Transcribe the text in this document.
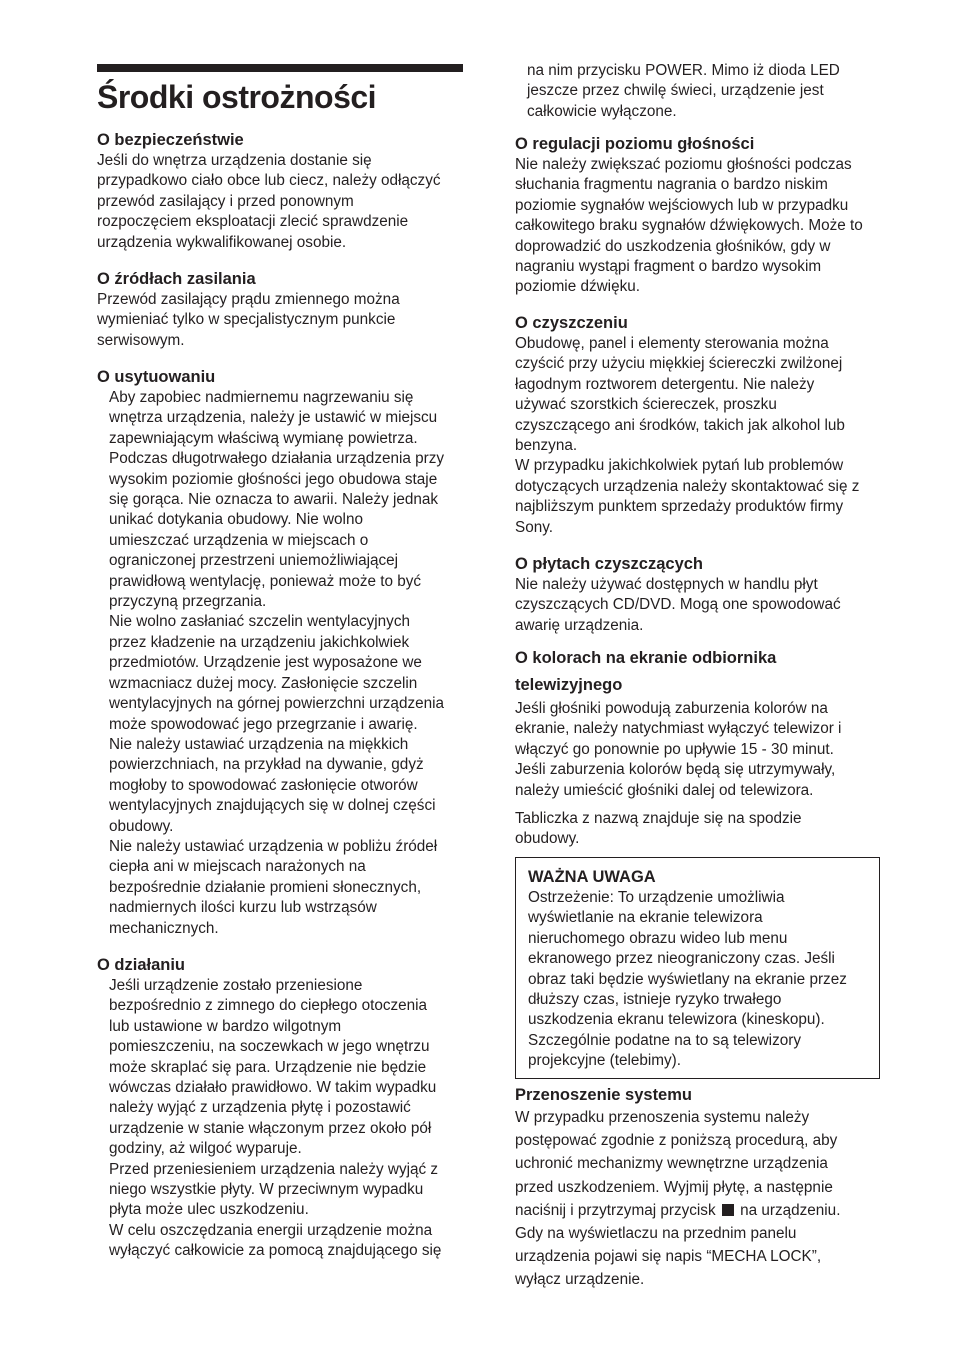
Środki ostrożności
O bezpieczeństwie

Jeśli do wnętrza urządzenia dostanie się

przypadkowo ciało obce lub ciecz, należy odłączyć

przewód zasilający i przed ponownym

rozpoczęciem eksploatacji zlecić sprawdzenie

urządzenia wykwalifikowanej osobie.

O źródłach zasilania

Przewód zasilający prądu zmiennego można

wymieniać tylko w specjalistycznym punkcie

serwisowym.

O usytuowaniu

Aby zapobiec nadmiernemu nagrzewaniu się

wnętrza urządzenia, należy je ustawić w miejscu

zapewniającym właściwą wymianę powietrza.

Podczas długotrwałego działania urządzenia przy

wysokim poziomie głośności jego obudowa staje

się gorąca. Nie oznacza to awarii. Należy jednak

unikać dotykania obudowy. Nie wolno

umieszczać urządzenia w miejscach o

ograniczonej przestrzeni uniemożliwiającej

prawidłową wentylację, ponieważ może to być

przyczyną przegrzania.

Nie wolno zasłaniać szczelin wentylacyjnych

przez kładzenie na urządzeniu jakichkolwiek

przedmiotów. Urządzenie jest wyposażone we

wzmacniacz dużej mocy. Zasłonięcie szczelin

wentylacyjnych na górnej powierzchni urządzenia

może spowodować jego przegrzanie i awarię.

Nie należy ustawiać urządzenia na miękkich

powierzchniach, na przykład na dywanie, gdyż

mogłoby to spowodować zasłonięcie otworów

wentylacyjnych znajdujących się w dolnej części

obudowy.

Nie należy ustawiać urządzenia w pobliżu źródeł

ciepła ani w miejscach narażonych na

bezpośrednie działanie promieni słonecznych,

nadmiernych ilości kurzu lub wstrząsów

mechanicznych.

O działaniu

Jeśli urządzenie zostało przeniesione

bezpośrednio z zimnego do ciepłego otoczenia

lub ustawione w bardzo wilgotnym

pomieszczeniu, na soczewkach w jego wnętrzu

może skraplać się para. Urządzenie nie będzie

wówczas działało prawidłowo. W takim wypadku

należy wyjąć z urządzenia płytę i pozostawić

urządzenie w stanie włączonym przez około pół

godziny, aż wilgoć wyparuje.

Przed przeniesieniem urządzenia należy wyjąć z

niego wszystkie płyty. W przeciwnym wypadku

płyta może ulec uszkodzeniu.

W celu oszczędzania energii urządzenie można

wyłączyć całkowicie za pomocą znajdującego się

na nim przycisku POWER. Mimo iż dioda LED

jeszcze przez chwilę świeci, urządzenie jest

całkowicie wyłączone.

O regulacji poziomu głośności

Nie należy zwiększać poziomu głośności podczas

słuchania fragmentu nagrania o bardzo niskim

poziomie sygnałów wejściowych lub w przypadku

całkowitego braku sygnałów dźwiękowych. Może to

doprowadzić do uszkodzenia głośników, gdy w

nagraniu wystąpi fragment o bardzo wysokim

poziomie dźwięku.

O czyszczeniu

Obudowę, panel i elementy sterowania można

czyścić przy użyciu miękkiej ściereczki zwilżonej

łagodnym roztworem detergentu. Nie należy

używać szorstkich ściereczek, proszku

czyszczącego ani środków, takich jak alkohol lub

benzyna.

W przypadku jakichkolwiek pytań lub problemów

dotyczących urządzenia należy skontaktować się z

najbliższym punktem sprzedaży produktów firmy

Sony.

O płytach czyszczących

Nie należy używać dostępnych w handlu płyt

czyszczących CD/DVD. Mogą one spowodować

awarię urządzenia.

O kolorach na ekranie odbiornika
telewizyjnego

Jeśli głośniki powodują zaburzenia kolorów na

ekranie, należy natychmiast wyłączyć telewizor i

włączyć go ponownie po upływie 15 - 30 minut.

Jeśli zaburzenia kolorów będą się utrzymywały,

należy umieścić głośniki dalej od telewizora.

Tabliczka z nazwą znajduje się na spodzie

obudowy.

WAŻNA UWAGA

Ostrzeżenie: To urządzenie umożliwia

wyświetlanie na ekranie telewizora

nieruchomego obrazu wideo lub menu

ekranowego przez nieograniczony czas. Jeśli

obraz taki będzie wyświetlany na ekranie przez

dłuższy czas, istnieje ryzyko trwałego

uszkodzenia ekranu telewizora (kineskopu).

Szczególnie podatne na to są telewizory

projekcyjne (telebimy).

Przenoszenie systemu

W przypadku przenoszenia systemu należy

postępować zgodnie z poniższą procedurą, aby

uchronić mechanizmy wewnętrzne urządzenia

przed uszkodzeniem. Wyjmij płytę, a następnie

naciśnij i przytrzymaj przycisk na urządzeniu.

Gdy na wyświetlaczu na przednim panelu

urządzenia pojawi się napis “MECHA LOCK”,

wyłącz urządzenie.
